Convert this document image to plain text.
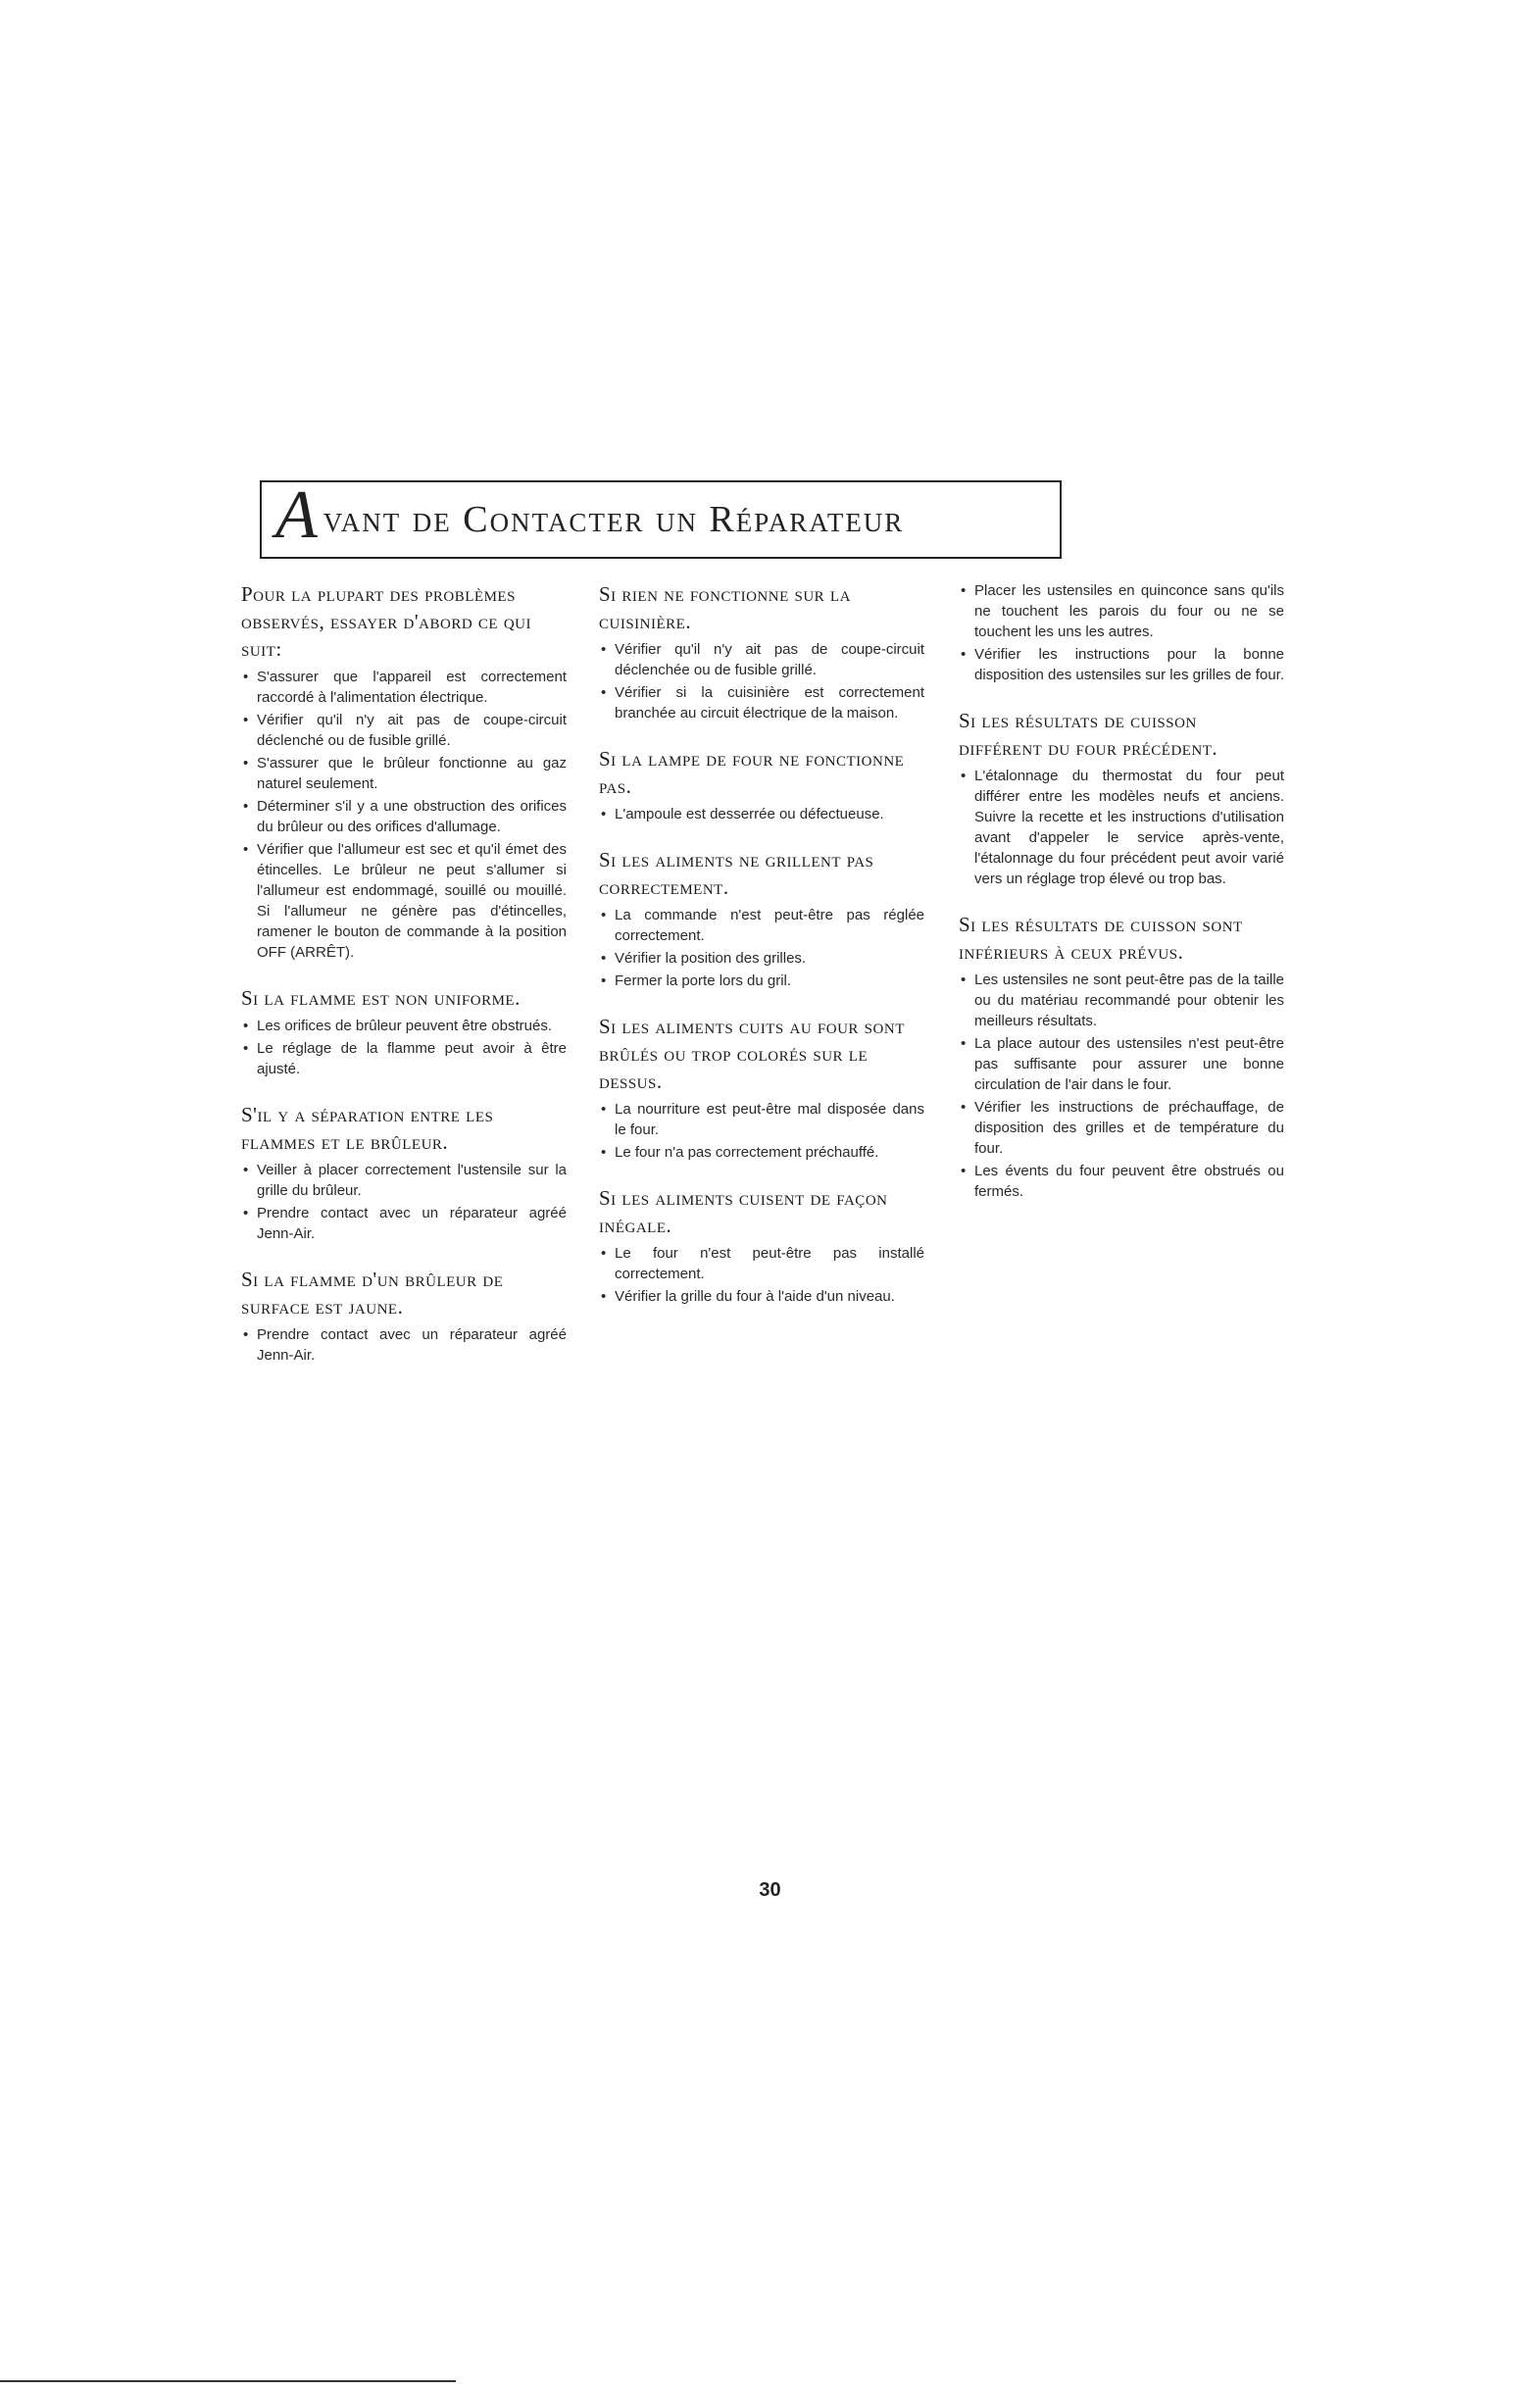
A vant de Contacter un Réparateur
Pour la plupart des problèmes observés, essayer d'abord ce qui suit:
• S'assurer que l'appareil est correctement raccordé à l'alimentation électrique.
• Vérifier qu'il n'y ait pas de coupe-circuit déclenché ou de fusible grillé.
• S'assurer que le brûleur fonctionne au gaz naturel seulement.
• Déterminer s'il y a une obstruction des orifices du brûleur ou des orifices d'allumage.
• Vérifier que l'allumeur est sec et qu'il émet des étincelles. Le brûleur ne peut s'allumer si l'allumeur est endommagé, souillé ou mouillé. Si l'allumeur ne génère pas d'étincelles, ramener le bouton de commande à la position OFF (ARRÊT).
Si la flamme est non uniforme.
• Les orifices de brûleur peuvent être obstrués.
• Le réglage de la flamme peut avoir à être ajusté.
S'il y a séparation entre les flammes et le brûleur.
• Veiller à placer correctement l'ustensile sur la grille du brûleur.
• Prendre contact avec un réparateur agréé Jenn-Air.
Si la flamme d'un brûleur de surface est jaune.
• Prendre contact avec un réparateur agréé Jenn-Air.
Si rien ne fonctionne sur la cuisinière.
• Vérifier qu'il n'y ait pas de coupe-circuit déclenchée ou de fusible grillé.
• Vérifier si la cuisinière est correctement branchée au circuit électrique de la maison.
Si la lampe de four ne fonctionne pas.
• L'ampoule est desserrée ou défectueuse.
Si les aliments ne grillent pas correctement.
• La commande n'est peut-être pas réglée correctement.
• Vérifier la position des grilles.
• Fermer la porte lors du gril.
Si les aliments cuits au four sont brûlés ou trop colorés sur le dessus.
• La nourriture est peut-être mal disposée dans le four.
• Le four n'a pas correctement préchauffé.
Si les aliments cuisent de façon inégale.
• Le four n'est peut-être pas installé correctement.
• Vérifier la grille du four à l'aide d'un niveau.
• Placer les ustensiles en quinconce sans qu'ils ne touchent les parois du four ou ne se touchent les uns les autres.
• Vérifier les instructions pour la bonne disposition des ustensiles sur les grilles de four.
Si les résultats de cuisson différent du four précédent.
• L'étalonnage du thermostat du four peut différer entre les modèles neufs et anciens. Suivre la recette et les instructions d'utilisation avant d'appeler le service après-vente, l'étalonnage du four précédent peut avoir varié vers un réglage trop élevé ou trop bas.
Si les résultats de cuisson sont inférieurs à ceux prévus.
• Les ustensiles ne sont peut-être pas de la taille ou du matériau recommandé pour obtenir les meilleurs résultats.
• La place autour des ustensiles n'est peut-être pas suffisante pour assurer une bonne circulation de l'air dans le four.
• Vérifier les instructions de préchauffage, de disposition des grilles et de température du four.
• Les évents du four peuvent être obstrués ou fermés.
30
